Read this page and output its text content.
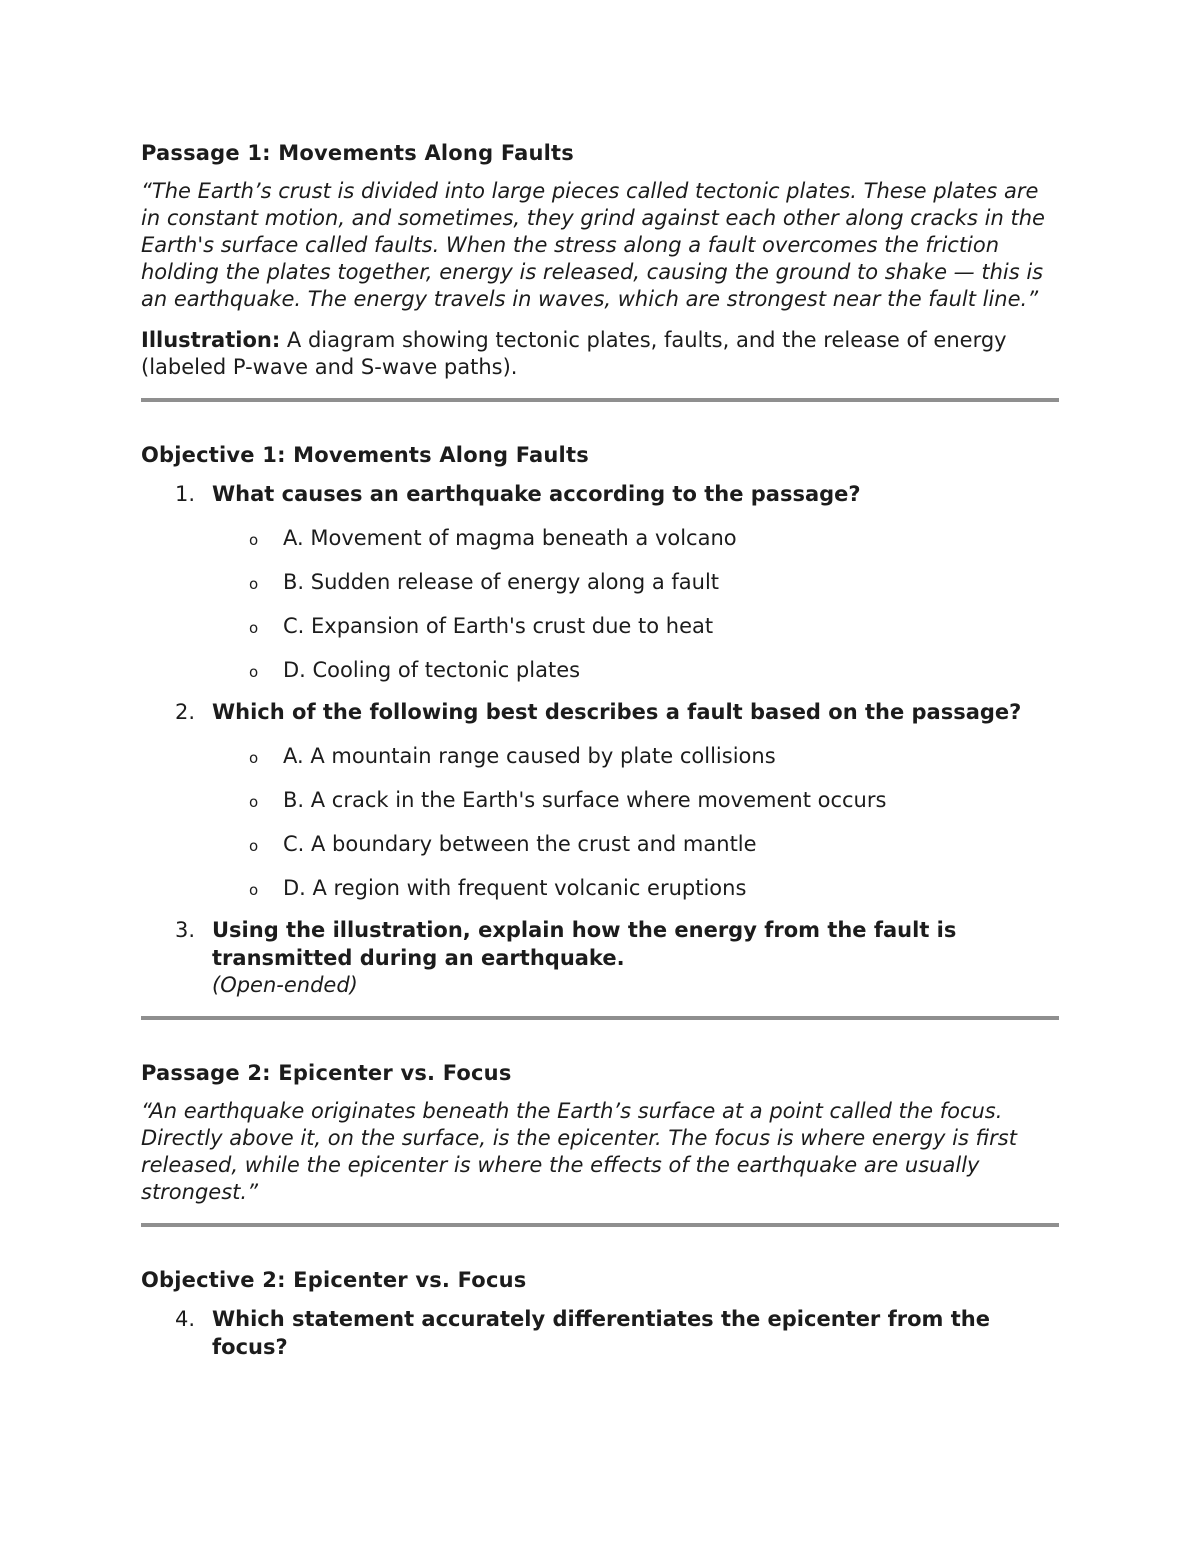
Passage 1: Movements Along Faults

“The Earth’s crust is divided into large pieces called tectonic plates. These plates are in constant motion, and sometimes, they grind against each other along cracks in the Earth's surface called faults. When the stress along a fault overcomes the friction holding the plates together, energy is released, causing the ground to shake — this is an earthquake. The energy travels in waves, which are strongest near the fault line.”

Illustration: A diagram showing tectonic plates, faults, and the release of energy (labeled P-wave and S-wave paths).

Objective 1: Movements Along Faults
1. What causes an earthquake according to the passage?
o A. Movement of magma beneath a volcano
o B. Sudden release of energy along a fault
o C. Expansion of Earth's crust due to heat
o D. Cooling of tectonic plates
2. Which of the following best describes a fault based on the passage?
o A. A mountain range caused by plate collisions
o B. A crack in the Earth's surface where movement occurs
o C. A boundary between the crust and mantle
o D. A region with frequent volcanic eruptions
3. Using the illustration, explain how the energy from the fault is transmitted during an earthquake.
(Open-ended)
Passage 2: Epicenter vs. Focus

“An earthquake originates beneath the Earth’s surface at a point called the focus. Directly above it, on the surface, is the epicenter. The focus is where energy is first released, while the epicenter is where the effects of the earthquake are usually strongest.”

Objective 2: Epicenter vs. Focus
4. Which statement accurately differentiates the epicenter from the focus?
